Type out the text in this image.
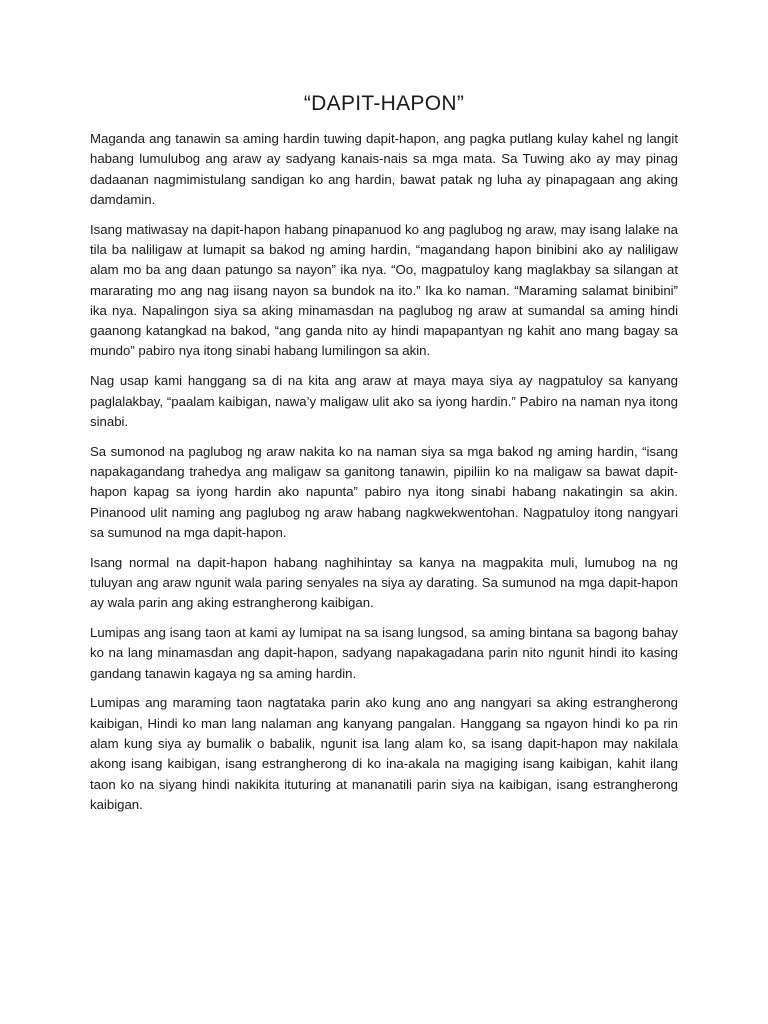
“DAPIT-HAPON”

Maganda ang tanawin sa aming hardin tuwing dapit-hapon, ang pagka putlang kulay kahel ng langit habang lumulubog ang araw ay sadyang kanais-nais sa mga mata. Sa Tuwing ako ay may pinag dadaanan nagmimistulang sandigan ko ang hardin, bawat patak ng luha ay pinapagaan ang aking damdamin.

Isang matiwasay na dapit-hapon habang pinapanuod ko ang paglubog ng araw, may isang lalake na tila ba naliligaw at lumapit sa bakod ng aming hardin, “magandang hapon binibini ako ay naliligaw alam mo ba ang daan patungo sa nayon” ika nya. “Oo, magpatuloy kang maglakbay sa silangan at mararating mo ang nag iisang nayon sa bundok na ito.” Ika ko naman. “Maraming salamat binibini” ika nya. Napalingon siya sa aking minamasdan na paglubog ng araw at sumandal sa aming hindi gaanong katangkad na bakod, “ang ganda nito ay hindi mapapantyan ng kahit ano mang bagay sa mundo” pabiro nya itong sinabi habang lumilingon sa akin.

Nag usap kami hanggang sa di na kita ang araw at maya maya siya ay nagpatuloy sa kanyang paglalakbay, “paalam kaibigan, nawa’y maligaw ulit ako sa iyong hardin.” Pabiro na naman nya itong sinabi.

Sa sumonod na paglubog ng araw nakita ko na naman siya sa mga bakod ng aming hardin, “isang napakagandang trahedya ang maligaw sa ganitong tanawin, pipiliin ko na maligaw sa bawat dapit-hapon kapag sa iyong hardin ako napunta” pabiro nya itong sinabi habang nakatingin sa akin. Pinanood ulit naming ang paglubog ng araw habang nagkwekwentohan. Nagpatuloy itong nangyari sa sumunod na mga dapit-hapon.

Isang normal na dapit-hapon habang naghihintay sa kanya na magpakita muli, lumubog na ng tuluyan ang araw ngunit wala paring senyales na siya ay darating. Sa sumunod na mga dapit-hapon ay wala parin ang aking estrangherong kaibigan.

Lumipas ang isang taon at kami ay lumipat na sa isang lungsod, sa aming bintana sa bagong bahay ko na lang minamasdan ang dapit-hapon, sadyang napakagadana parin nito ngunit hindi ito kasing gandang tanawin kagaya ng sa aming hardin.

Lumipas ang maraming taon nagtataka parin ako kung ano ang nangyari sa aking estrangherong kaibigan, Hindi ko man lang nalaman ang kanyang pangalan. Hanggang sa ngayon hindi ko pa rin alam kung siya ay bumalik o babalik, ngunit isa lang alam ko, sa isang dapit-hapon may nakilala akong isang kaibigan, isang estrangherong di ko ina-akala na magiging isang kaibigan, kahit ilang taon ko na siyang hindi nakikita ituturing at mananatili parin siya na kaibigan, isang estrangherong kaibigan.
